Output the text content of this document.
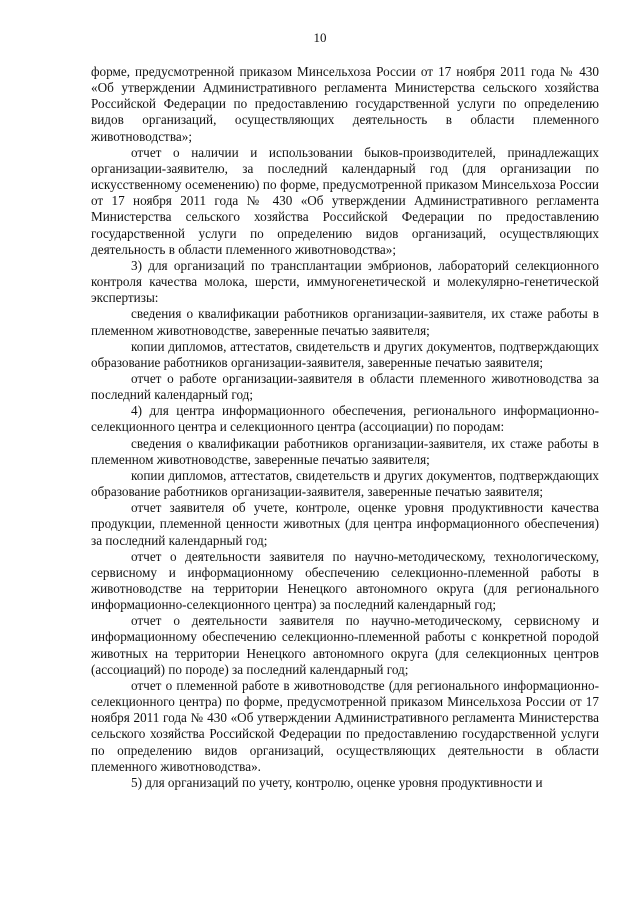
10

форме, предусмотренной приказом Минсельхоза России от 17 ноября 2011 года № 430 «Об утверждении Административного регламента Министерства сельского хозяйства Российской Федерации по предоставлению государственной услуги по определению видов организаций, осуществляющих деятельность в области племенного животноводства»;

отчет о наличии и использовании быков-производителей, принадлежащих организации-заявителю, за последний календарный год (для организации по искусственному осеменению) по форме, предусмотренной приказом Минсельхоза России от 17 ноября 2011 года № 430 «Об утверждении Административного регламента Министерства сельского хозяйства Российской Федерации по предоставлению государственной услуги по определению видов организаций, осуществляющих деятельность в области племенного животноводства»;

3) для организаций по трансплантации эмбрионов, лабораторий селекционного контроля качества молока, шерсти, иммуногенетической и молекулярно-генетической экспертизы:

сведения о квалификации работников организации-заявителя, их стаже работы в племенном животноводстве, заверенные печатью заявителя;

копии дипломов, аттестатов, свидетельств и других документов, подтверждающих образование работников организации-заявителя, заверенные печатью заявителя;

отчет о работе организации-заявителя в области племенного животноводства за последний календарный год;

4) для центра информационного обеспечения, регионального информационно-селекционного центра и селекционного центра (ассоциации) по породам:

сведения о квалификации работников организации-заявителя, их стаже работы в племенном животноводстве, заверенные печатью заявителя;

копии дипломов, аттестатов, свидетельств и других документов, подтверждающих образование работников организации-заявителя, заверенные печатью заявителя;

отчет заявителя об учете, контроле, оценке уровня продуктивности качества продукции, племенной ценности животных (для центра информационного обеспечения) за последний календарный год;

отчет о деятельности заявителя по научно-методическому, технологическому, сервисному и информационному обеспечению селекционно-племенной работы в животноводстве на территории Ненецкого автономного округа (для регионального информационно-селекционного центра) за последний календарный год;

отчет о деятельности заявителя по научно-методическому, сервисному и информационному обеспечению селекционно-племенной работы с конкретной породой животных на территории Ненецкого автономного округа (для селекционных центров (ассоциаций) по породе) за последний календарный год;

отчет о племенной работе в животноводстве (для регионального информационно-селекционного центра) по форме, предусмотренной приказом Минсельхоза России от 17 ноября 2011 года № 430 «Об утверждении Административного регламента Министерства сельского хозяйства Российской Федерации по предоставлению государственной услуги по определению видов организаций, осуществляющих деятельности в области племенного животноводства».

5) для организаций по учету, контролю, оценке уровня продуктивности и
